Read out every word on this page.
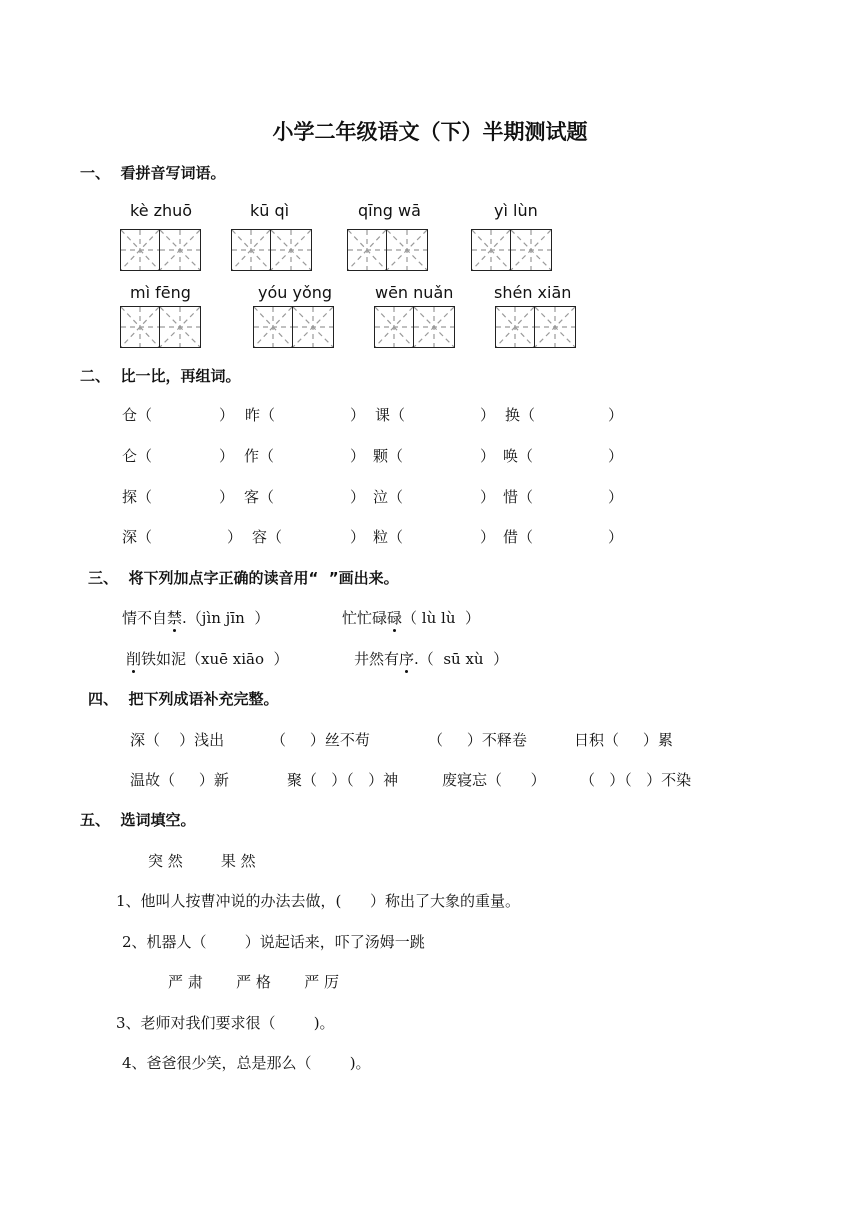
小学二年级语文（下）半期测试题
一、  看拼音写词语。
kè zhuō	kū qì	qīng wā	yì lùn
mì fēng	yóu yǒng	wēn nuǎn	shén xiān
二、  比一比，再组词。
仓（	） 昨（	） 课（	） 换（	）
仑（	） 作（	） 颗（	） 唤（	）
探（	） 客（	） 泣（	） 惜（	）
深（	） 容（	） 粒（	） 借（	）
三、  将下列加点字正确的读音用“  ”画出来。
情不自禁.（jìn jīn  ）	忙忙碌碌（ lù lù  ）
削铁如泥（xuē xiāo  ）	井然有序.（  sū xù  ）
四、  把下列成语补充完整。
深（    ）浅出	（     ）丝不苟	（     ）不释卷	日积（     ）累
温故（     ）新	聚（   ）（   ）神	废寝忘（      ） （   ）（   ）不染
五、  选词填空。
突 然        果 然
1、他叫人按曹冲说的办法去做，(      ）称出了大象的重量。
2、机器人（        ）说起话来，吓了汤姆一跳
严 肃       严 格       严 厉
3、老师对我们要求很（        )。
4、爸爸很少笑，总是那么（        )。
